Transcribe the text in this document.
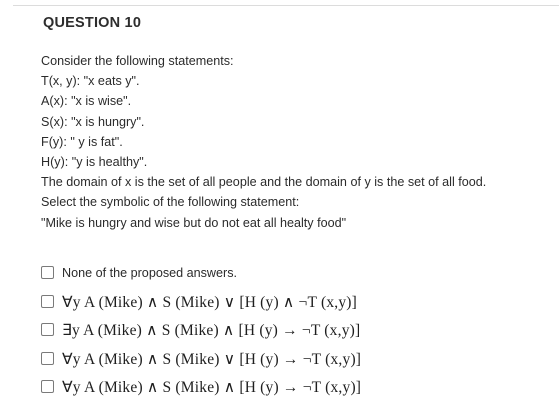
QUESTION 10
Consider the following statements:
T(x, y): "x eats y".
A(x): "x is wise".
S(x): "x is hungry".
F(y): " y is fat".
H(y): "y is healthy".
The domain of x is the set of all people and the domain of y is the set of all food.
Select the symbolic of the following statement:
"Mike is hungry and wise but do not eat all healty food"
None of the proposed answers.
∀y A (Mike) ∧ S (Mike) ∨ [H (y) ∧ ¬T (x,y)]
∃y A (Mike) ∧ S (Mike) ∧ [H (y) → ¬T (x,y)]
∀y A (Mike) ∧ S (Mike) ∨ [H (y) → ¬T (x,y)]
∀y A (Mike) ∧ S (Mike) ∧ [H (y) → ¬T (x,y)]
